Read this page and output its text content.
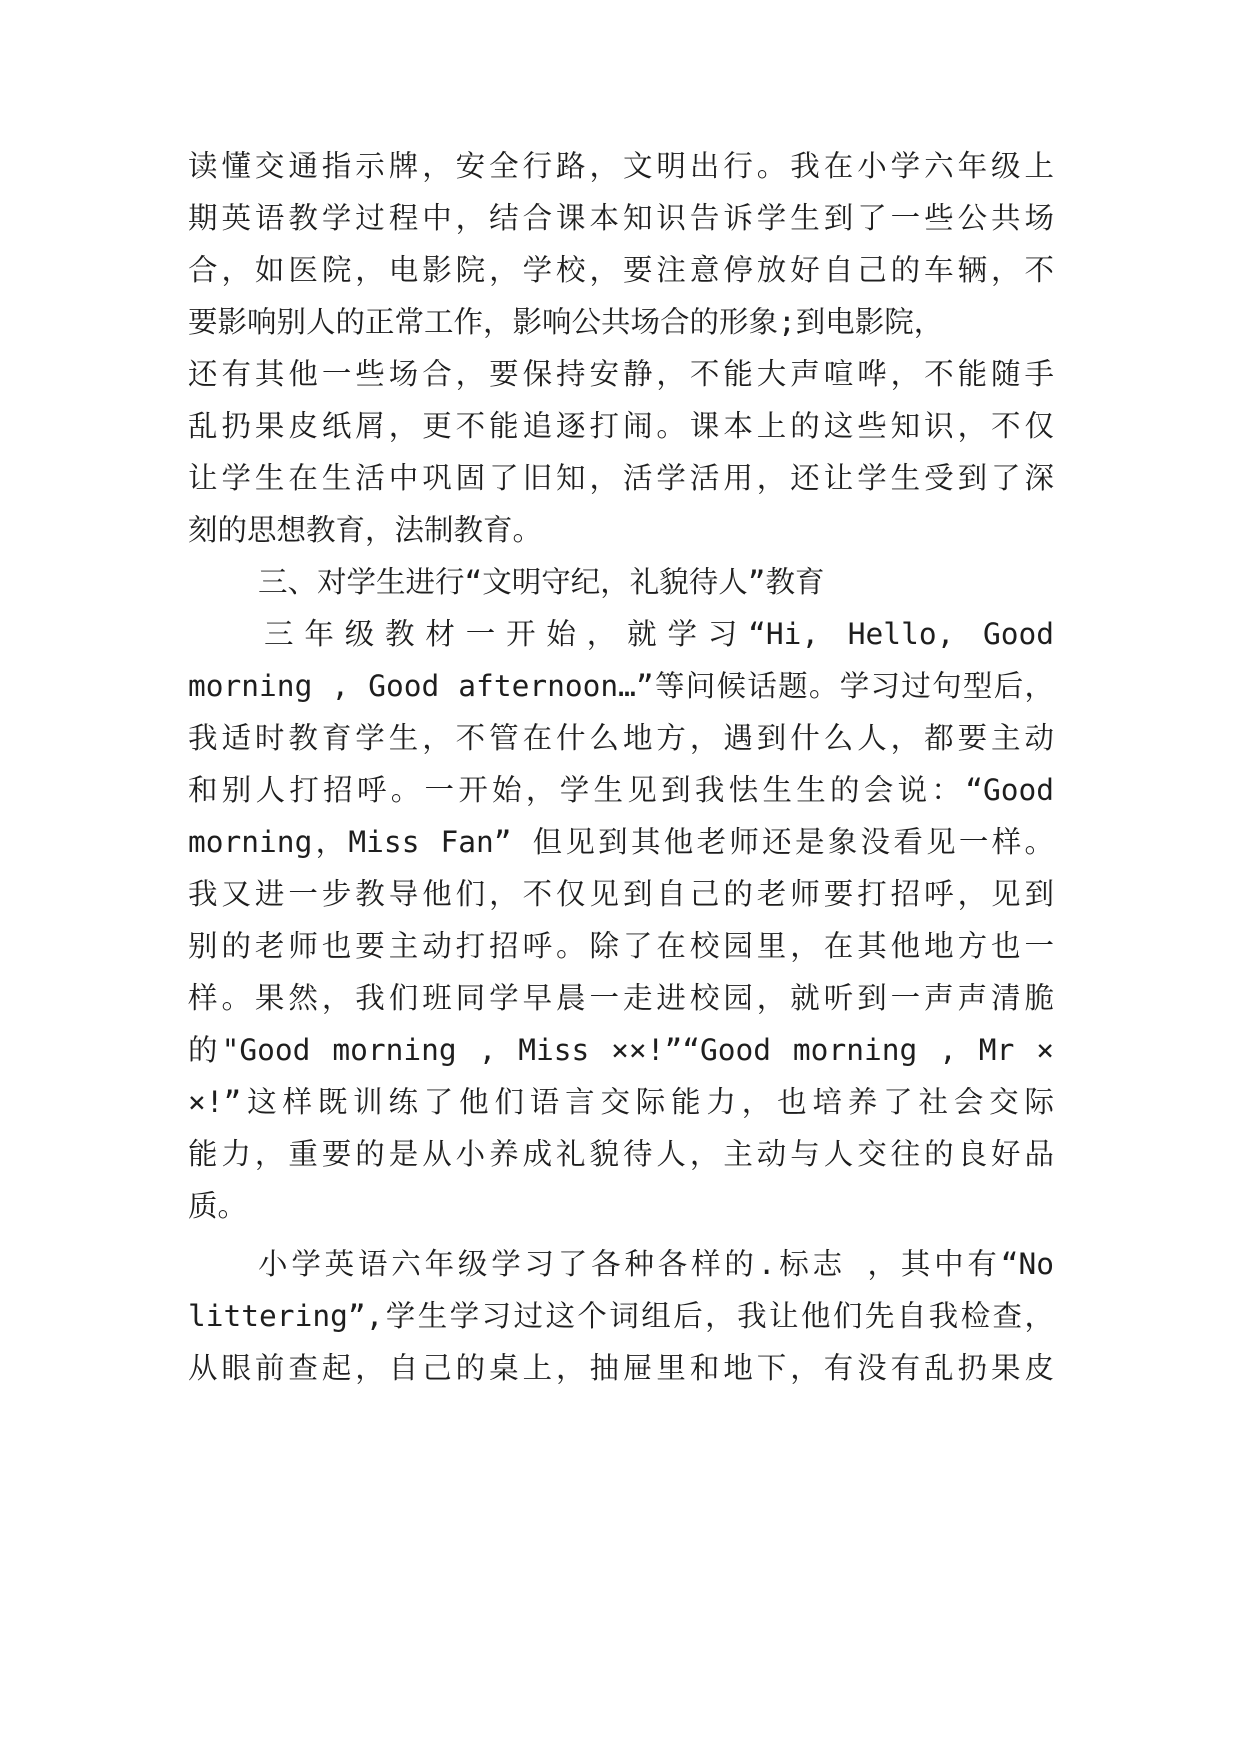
读懂交通指示牌，安全行路，文明出行。我在小学六年级上
期英语教学过程中，结合课本知识告诉学生到了一些公共场
合，如医院，电影院，学校，要注意停放好自己的车辆，不
要影响别人的正常工作，影响公共场合的形象;到电影院，
还有其他一些场合，要保持安静，不能大声喧哗，不能随手
乱扔果皮纸屑，更不能追逐打闹。课本上的这些知识，不仅
让学生在生活中巩固了旧知，活学活用，还让学生受到了深
刻的思想教育，法制教育。
三、对学生进行“文明守纪，礼貌待人”教育
三年级教材一开始，就学习“Hi, Hello, Good
morning , Good afternoon…”等问候话题。学习过句型后，
我适时教育学生，不管在什么地方，遇到什么人，都要主动
和别人打招呼。一开始，学生见到我怯生生的会说：“Good
morning，Miss Fan” 但见到其他老师还是象没看见一样。
我又进一步教导他们，不仅见到自己的老师要打招呼，见到
别的老师也要主动打招呼。除了在校园里，在其他地方也一
样。果然，我们班同学早晨一走进校园，就听到一声声清脆
的"Good morning , Miss ××!”“Good morning , Mr ×
×!”这样既训练了他们语言交际能力，也培养了社会交际
能力，重要的是从小养成礼貌待人，主动与人交往的良好品
质。
小学英语六年级学习了各种各样的.标志 ，其中有“No
littering”,学生学习过这个词组后，我让他们先自我检查，
从眼前查起，自己的桌上，抽屉里和地下，有没有乱扔果皮
